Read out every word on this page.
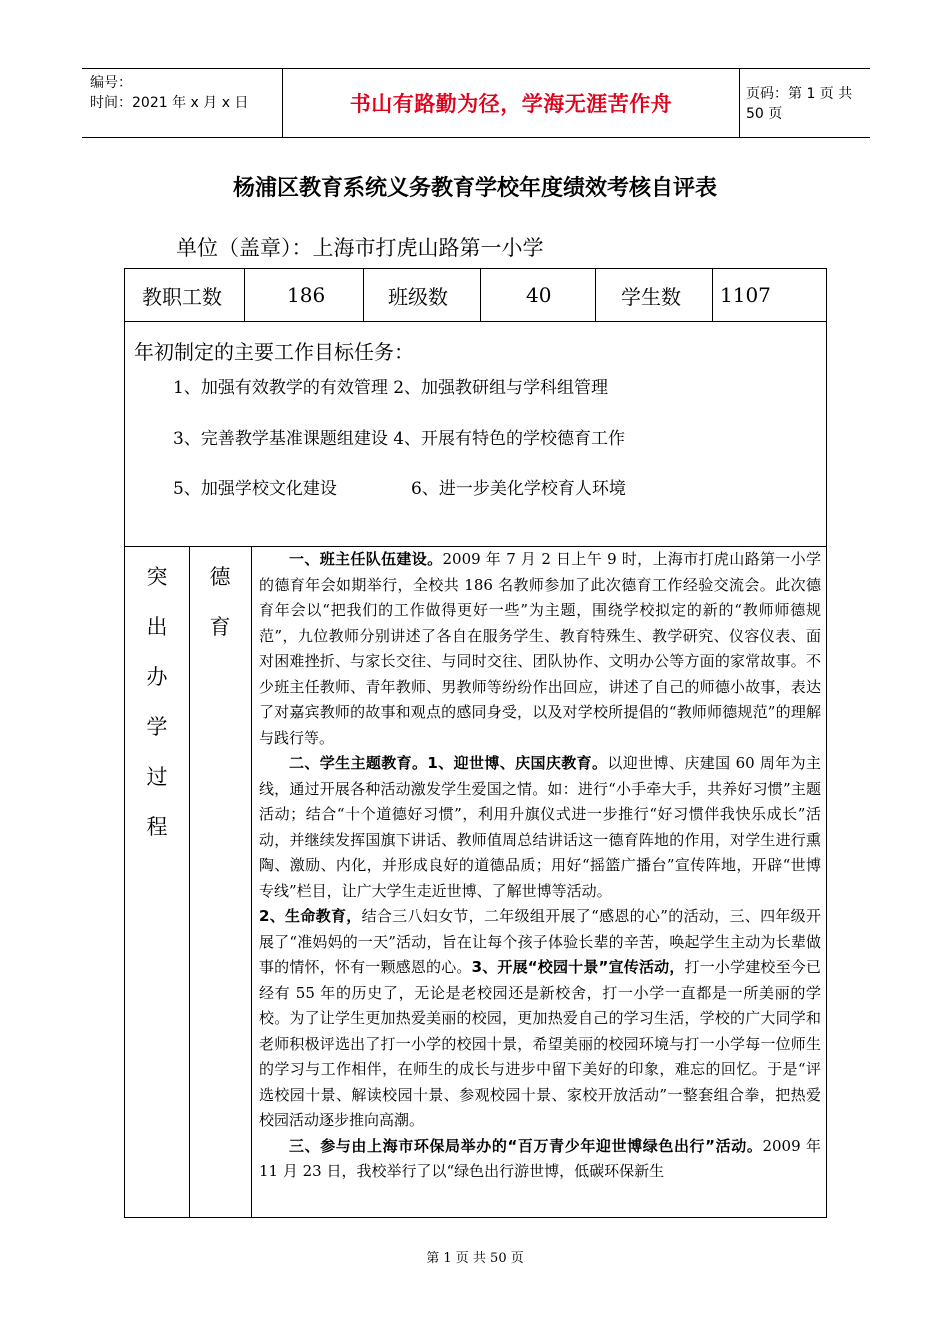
编号：
时间：2021 年 x 月 x 日	书山有路勤为径，学海无涯苦作舟	页码：第 1 页 共 50 页
杨浦区教育系统义务教育学校年度绩效考核自评表
单位（盖章）：上海市打虎山路第一小学
教职工数	186	班级数	40	学生数 1107
年初制定的主要工作目标任务：
1、加强有效教学的有效管理 2、加强教研组与学科组管理
3、完善教学基准课题组建设 4、开展有特色的学校德育工作
5、加强学校文化建设	6、进一步美化学校育人环境
突
出
办
学
过
程
德
育

一、班主任队伍建设。2009 年 7 月 2 日上午 9 时，上海市打虎山路第一小学的德育年会如期举行，全校共 186 名教师参加了此次德育工作经验交流会。此次德育年会以“把我们的工作做得更好一些”为主题，围绕学校拟定的新的“教师师德规范”，九位教师分别讲述了各自在服务学生、教育特殊生、教学研究、仪容仪表、面对困难挫折、与家长交往、与同时交往、团队协作、文明办公等方面的家常故事。不少班主任教师、青年教师、男教师等纷纷作出回应，讲述了自己的师德小故事，表达了对嘉宾教师的故事和观点的感同身受，以及对学校所提倡的“教师师德规范”的理解与践行等。

二、学生主题教育。1、迎世博、庆国庆教育。以迎世博、庆建国 60 周年为主线，通过开展各种活动激发学生爱国之情。如：进行“小手牵大手，共养好习惯”主题活动；结合“十个道德好习惯”，利用升旗仪式进一步推行“好习惯伴我快乐成长”活动，并继续发挥国旗下讲话、教师值周总结讲话这一德育阵地的作用，对学生进行熏陶、激励、内化，并形成良好的道德品质；用好“摇篮广播台”宣传阵地，开辟“世博专线”栏目，让广大学生走近世博、了解世博等活动。

2、生命教育，结合三八妇女节，二年级组开展了“感恩的心”的活动，三、四年级开展了“准妈妈的一天”活动，旨在让每个孩子体验长辈的辛苦，唤起学生主动为长辈做事的情怀，怀有一颗感恩的心。3、开展“校园十景”宣传活动，打一小学建校至今已经有 55 年的历史了，无论是老校园还是新校舍，打一小学一直都是一所美丽的学校。为了让学生更加热爱美丽的校园，更加热爱自己的学习生活，学校的广大同学和老师积极评选出了打一小学的校园十景，希望美丽的校园环境与打一小学每一位师生的学习与工作相伴，在师生的成长与进步中留下美好的印象，难忘的回忆。于是“评选校园十景、解读校园十景、参观校园十景、家校开放活动”一整套组合拳，把热爱校园活动逐步推向高潮。

三、参与由上海市环保局举办的“百万青少年迎世博绿色出行”活动。2009 年 11 月 23 日，我校举行了以“绿色出行游世博，低碳环保新生

第 1 页 共 50 页
